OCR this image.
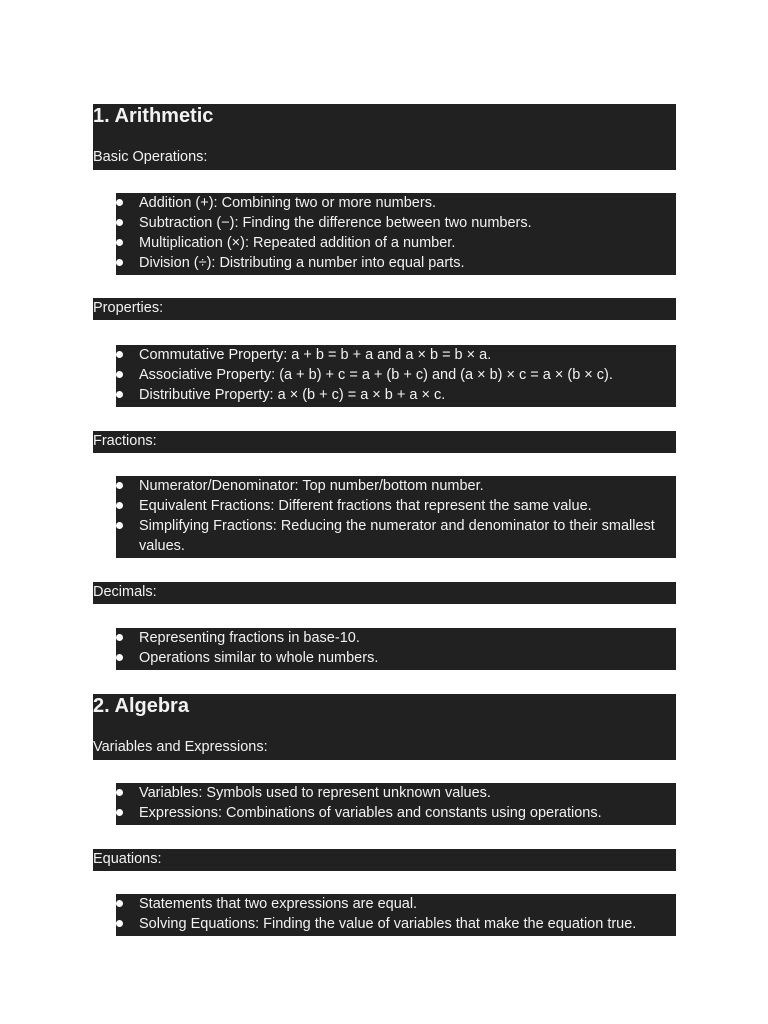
1. Arithmetic
Basic Operations:
Addition (+): Combining two or more numbers.
Subtraction (−): Finding the difference between two numbers.
Multiplication (×): Repeated addition of a number.
Division (÷): Distributing a number into equal parts.
Properties:
Commutative Property: a + b = b + a and a × b = b × a.
Associative Property: (a + b) + c = a + (b + c) and (a × b) × c = a × (b × c).
Distributive Property: a × (b + c) = a × b + a × c.
Fractions:
Numerator/Denominator: Top number/bottom number.
Equivalent Fractions: Different fractions that represent the same value.
Simplifying Fractions: Reducing the numerator and denominator to their smallest values.
Decimals:
Representing fractions in base-10.
Operations similar to whole numbers.
2. Algebra
Variables and Expressions:
Variables: Symbols used to represent unknown values.
Expressions: Combinations of variables and constants using operations.
Equations:
Statements that two expressions are equal.
Solving Equations: Finding the value of variables that make the equation true.
